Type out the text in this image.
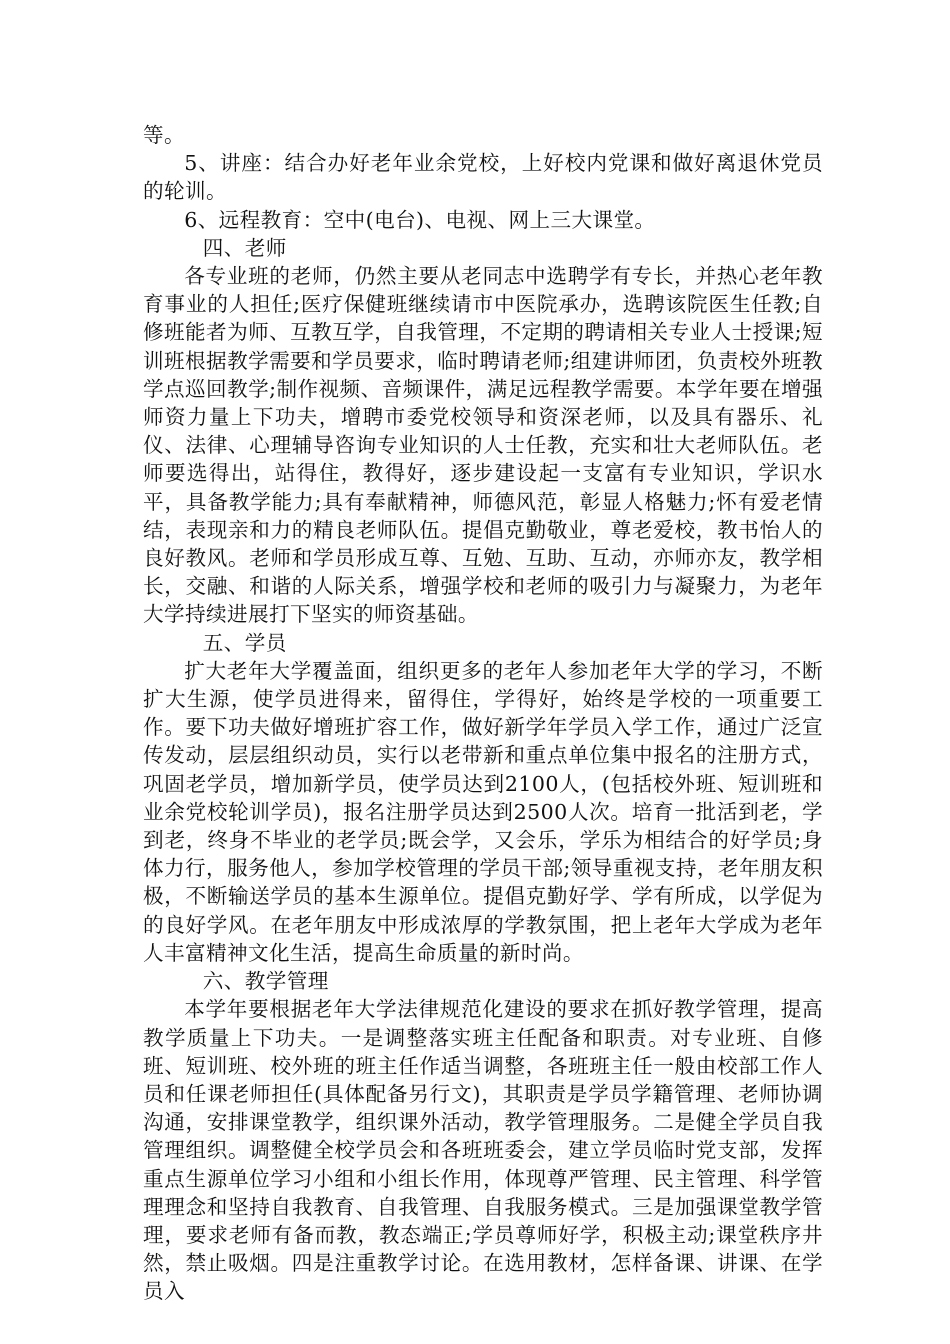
等。

5、讲座：结合办好老年业余党校，上好校内党课和做好离退休党员的轮训。

6、远程教育：空中(电台)、电视、网上三大课堂。

四、老师

各专业班的老师，仍然主要从老同志中选聘学有专长，并热心老年教育事业的人担任;医疗保健班继续请市中医院承办，选聘该院医生任教;自修班能者为师、互教互学，自我管理，不定期的聘请相关专业人士授课;短训班根据教学需要和学员要求，临时聘请老师;组建讲师团，负责校外班教学点巡回教学;制作视频、音频课件，满足远程教学需要。本学年要在增强师资力量上下功夫，增聘市委党校领导和资深老师，以及具有器乐、礼仪、法律、心理辅导咨询专业知识的人士任教，充实和壮大老师队伍。老师要选得出，站得住，教得好，逐步建设起一支富有专业知识，学识水平，具备教学能力;具有奉献精神，师德风范，彰显人格魅力;怀有爱老情结，表现亲和力的精良老师队伍。提倡克勤敬业，尊老爱校，教书怡人的良好教风。老师和学员形成互尊、互勉、互助、互动，亦师亦友，教学相长，交融、和谐的人际关系，增强学校和老师的吸引力与凝聚力，为老年大学持续进展打下坚实的师资基础。

五、学员

扩大老年大学覆盖面，组织更多的老年人参加老年大学的学习，不断扩大生源，使学员进得来，留得住，学得好，始终是学校的一项重要工作。要下功夫做好增班扩容工作，做好新学年学员入学工作，通过广泛宣传发动，层层组织动员，实行以老带新和重点单位集中报名的注册方式，巩固老学员，增加新学员，使学员达到2100人，(包括校外班、短训班和业余党校轮训学员)，报名注册学员达到2500人次。培育一批活到老，学到老，终身不毕业的老学员;既会学，又会乐，学乐为相结合的好学员;身体力行，服务他人，参加学校管理的学员干部;领导重视支持，老年朋友积极，不断输送学员的基本生源单位。提倡克勤好学、学有所成，以学促为的良好学风。在老年朋友中形成浓厚的学教氛围，把上老年大学成为老年人丰富精神文化生活，提高生命质量的新时尚。

六、教学管理

本学年要根据老年大学法律规范化建设的要求在抓好教学管理，提高教学质量上下功夫。一是调整落实班主任配备和职责。对专业班、自修班、短训班、校外班的班主任作适当调整，各班班主任一般由校部工作人员和任课老师担任(具体配备另行文)，其职责是学员学籍管理、老师协调沟通，安排课堂教学，组织课外活动，教学管理服务。二是健全学员自我管理组织。调整健全校学员会和各班班委会，建立学员临时党支部，发挥重点生源单位学习小组和小组长作用，体现尊严管理、民主管理、科学管理理念和坚持自我教育、自我管理、自我服务模式。三是加强课堂教学管理，要求老师有备而教，教态端正;学员尊师好学，积极主动;课堂秩序井然，禁止吸烟。四是注重教学讨论。在选用教材，怎样备课、讲课、在学员入
